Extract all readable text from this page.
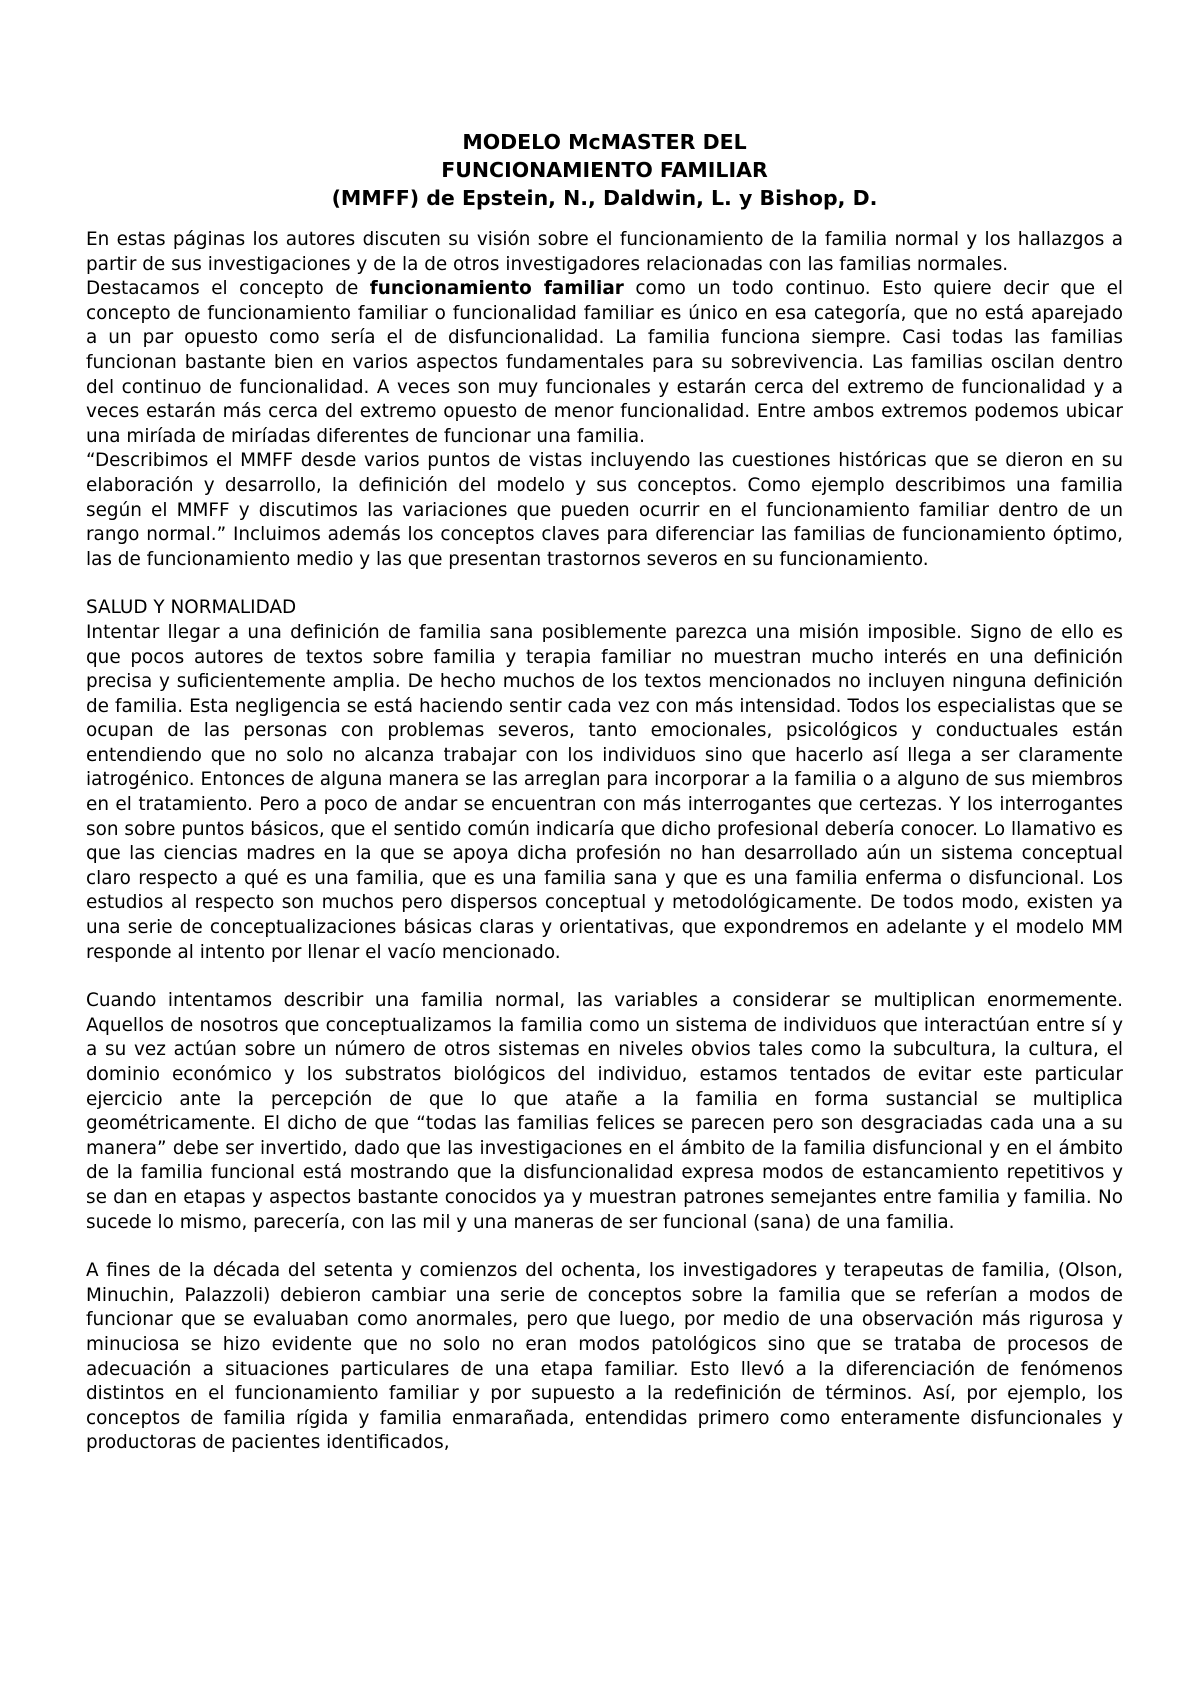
MODELO McMASTER DEL
FUNCIONAMIENTO FAMILIAR
(MMFF) de Epstein, N., Daldwin, L. y Bishop, D.

En estas páginas los autores discuten su visión sobre el funcionamiento de la familia normal y los hallazgos a partir de sus investigaciones y de la de otros investigadores relacionadas con las familias normales.

Destacamos el concepto de funcionamiento familiar como un todo continuo. Esto quiere decir que el concepto de funcionamiento familiar o funcionalidad familiar es único en esa categoría, que no está aparejado a un par opuesto como sería el de disfuncionalidad. La familia funciona siempre. Casi todas las familias funcionan bastante bien en varios aspectos fundamentales para su sobrevivencia. Las familias oscilan dentro del continuo de funcionalidad. A veces son muy funcionales y estarán cerca del extremo de funcionalidad y a veces estarán más cerca del extremo opuesto de menor funcionalidad. Entre ambos extremos podemos ubicar una miríada de miríadas diferentes de funcionar una familia.

“Describimos el MMFF desde varios puntos de vistas incluyendo las cuestiones históricas que se dieron en su elaboración y desarrollo, la definición del modelo y sus conceptos. Como ejemplo describimos una familia según el MMFF y discutimos las variaciones que pueden ocurrir en el funcionamiento familiar dentro de un rango normal.” Incluimos además los conceptos claves para diferenciar las familias de funcionamiento óptimo, las de funcionamiento medio y las que presentan trastornos severos en su funcionamiento.

SALUD Y NORMALIDAD

Intentar llegar a una definición de familia sana posiblemente parezca una misión imposible. Signo de ello es que pocos autores de textos sobre familia y terapia familiar no muestran mucho interés en una definición precisa y suficientemente amplia. De hecho muchos de los textos mencionados no incluyen ninguna definición de familia. Esta negligencia se está haciendo sentir cada vez con más intensidad. Todos los especialistas que se ocupan de las personas con problemas severos, tanto emocionales, psicológicos y conductuales están entendiendo que no solo no alcanza trabajar con los individuos sino que hacerlo así llega a ser claramente iatrogénico. Entonces de alguna manera se las arreglan para incorporar a la familia o a alguno de sus miembros en el tratamiento. Pero a poco de andar se encuentran con más interrogantes que certezas. Y los interrogantes son sobre puntos básicos, que el sentido común indicaría que dicho profesional debería conocer. Lo llamativo es que las ciencias madres en la que se apoya dicha profesión no han desarrollado aún un sistema conceptual claro respecto a qué es una familia, que es una familia sana y que es una familia enferma o disfuncional. Los estudios al respecto son muchos pero dispersos conceptual y metodológicamente. De todos modo, existen ya una serie de conceptualizaciones básicas claras y orientativas, que expondremos en adelante y el modelo MM responde al intento por llenar el vacío mencionado.

Cuando intentamos describir una familia normal, las variables a considerar se multiplican enormemente. Aquellos de nosotros que conceptualizamos la familia como un sistema de individuos que interactúan entre sí y a su vez actúan sobre un número de otros sistemas en niveles obvios tales como la subcultura, la cultura, el dominio económico y los substratos biológicos del individuo, estamos tentados de evitar este particular ejercicio ante la percepción de que lo que atañe a la familia en forma sustancial se multiplica geométricamente. El dicho de que “todas las familias felices se parecen pero son desgraciadas cada una a su manera” debe ser invertido, dado que las investigaciones en el ámbito de la familia disfuncional y en el ámbito de la familia funcional está mostrando que la disfuncionalidad expresa modos de estancamiento repetitivos y se dan en etapas y aspectos bastante conocidos ya y muestran patrones semejantes entre familia y familia. No sucede lo mismo, parecería, con las mil y una maneras de ser funcional (sana) de una familia.

A fines de la década del setenta y comienzos del ochenta, los investigadores y terapeutas de familia, (Olson, Minuchin, Palazzoli) debieron cambiar una serie de conceptos sobre la familia que se referían a modos de funcionar que se evaluaban como anormales, pero que luego, por medio de una observación más rigurosa y minuciosa se hizo evidente que no solo no eran modos patológicos sino que se trataba de procesos de adecuación a situaciones particulares de una etapa familiar. Esto llevó a la diferenciación de fenómenos distintos en el funcionamiento familiar y por supuesto a la redefinición de términos. Así, por ejemplo, los conceptos de familia rígida y familia enmarañada, entendidas primero como enteramente disfuncionales y productoras de pacientes identificados,
